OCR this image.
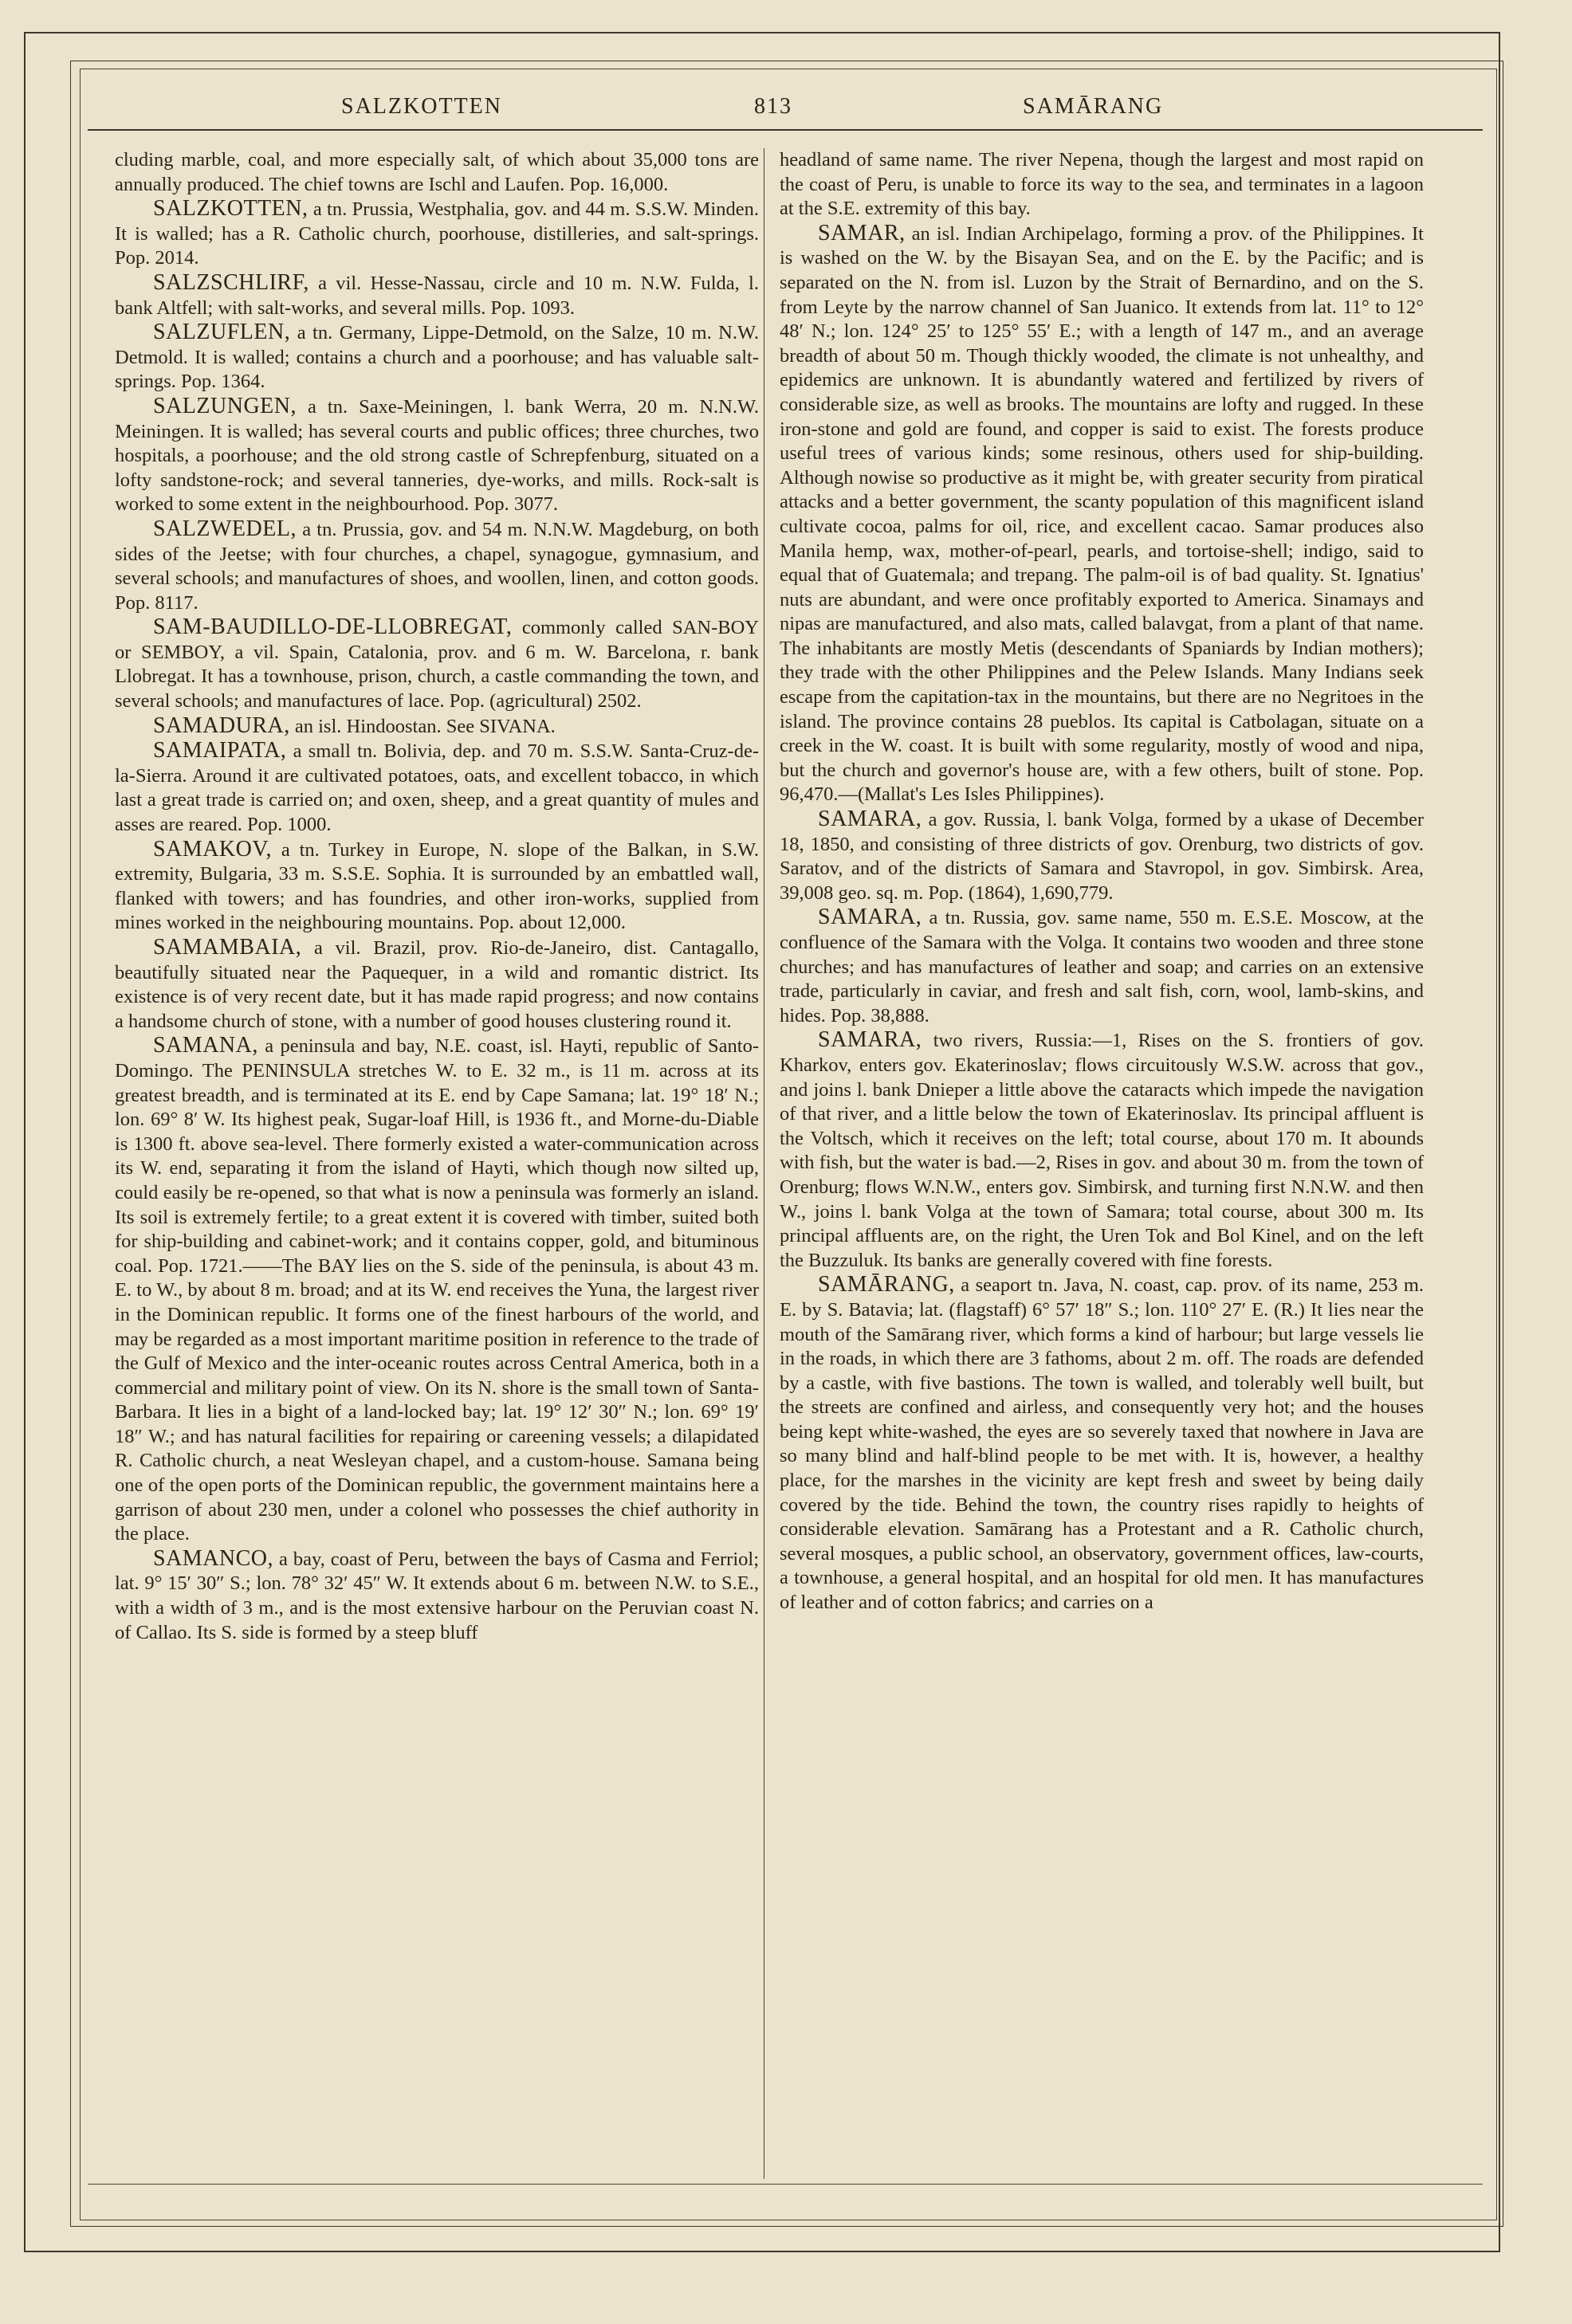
SALZKOTTEN	813	SAMĀRANG

cluding marble, coal, and more especially salt, of which about 35,000 tons are annually produced. The chief towns are Ischl and Laufen. Pop. 16,000.

SALZKOTTEN, a tn. Prussia, Westphalia, gov. and 44 m. S.S.W. Minden. It is walled; has a R. Catholic church, poorhouse, distilleries, and salt-springs. Pop. 2014.

SALZSCHLIRF, a vil. Hesse-Nassau, circle and 10 m. N.W. Fulda, l. bank Altfell; with salt-works, and several mills. Pop. 1093.

SALZUFLEN, a tn. Germany, Lippe-Detmold, on the Salze, 10 m. N.W. Detmold. It is walled; contains a church and a poorhouse; and has valuable salt-springs. Pop. 1364.

SALZUNGEN, a tn. Saxe-Meiningen, l. bank Werra, 20 m. N.N.W. Meiningen. It is walled; has several courts and public offices; three churches, two hospitals, a poorhouse; and the old strong castle of Schrepfenburg, situated on a lofty sandstone-rock; and several tanneries, dye-works, and mills. Rock-salt is worked to some extent in the neighbourhood. Pop. 3077.

SALZWEDEL, a tn. Prussia, gov. and 54 m. N.N.W. Magdeburg, on both sides of the Jeetse; with four churches, a chapel, synagogue, gymnasium, and several schools; and manufactures of shoes, and woollen, linen, and cotton goods. Pop. 8117.

SAM-BAUDILLO-DE-LLOBREGAT, commonly called SAN-BOY or SEMBOY, a vil. Spain, Catalonia, prov. and 6 m. W. Barcelona, r. bank Llobregat. It has a townhouse, prison, church, a castle commanding the town, and several schools; and manufactures of lace. Pop. (agricultural) 2502.

SAMADURA, an isl. Hindoostan. See SIVANA.

SAMAIPATA, a small tn. Bolivia, dep. and 70 m. S.S.W. Santa-Cruz-de-la-Sierra. Around it are cultivated potatoes, oats, and excellent tobacco, in which last a great trade is carried on; and oxen, sheep, and a great quantity of mules and asses are reared. Pop. 1000.

SAMAKOV, a tn. Turkey in Europe, N. slope of the Balkan, in S.W. extremity, Bulgaria, 33 m. S.S.E. Sophia. It is surrounded by an embattled wall, flanked with towers; and has foundries, and other iron-works, supplied from mines worked in the neighbouring mountains. Pop. about 12,000.

SAMAMBAIA, a vil. Brazil, prov. Rio-de-Janeiro, dist. Cantagallo, beautifully situated near the Paquequer, in a wild and romantic district. Its existence is of very recent date, but it has made rapid progress; and now contains a handsome church of stone, with a number of good houses clustering round it.

SAMANA, a peninsula and bay, N.E. coast, isl. Hayti, republic of Santo-Domingo. The PENINSULA stretches W. to E. 32 m., is 11 m. across at its greatest breadth, and is terminated at its E. end by Cape Samana; lat. 19° 18′ N.; lon. 69° 8′ W. Its highest peak, Sugar-loaf Hill, is 1936 ft., and Morne-du-Diable is 1300 ft. above sea-level. There formerly existed a water-communication across its W. end, separating it from the island of Hayti, which though now silted up, could easily be re-opened, so that what is now a peninsula was formerly an island. Its soil is extremely fertile; to a great extent it is covered with timber, suited both for ship-building and cabinet-work; and it contains copper, gold, and bituminous coal. Pop. 1721.——The BAY lies on the S. side of the peninsula, is about 43 m. E. to W., by about 8 m. broad; and at its W. end receives the Yuna, the largest river in the Dominican republic. It forms one of the finest harbours of the world, and may be regarded as a most important maritime position in reference to the trade of the Gulf of Mexico and the inter-oceanic routes across Central America, both in a commercial and military point of view. On its N. shore is the small town of Santa-Barbara. It lies in a bight of a land-locked bay; lat. 19° 12′ 30″ N.; lon. 69° 19′ 18″ W.; and has natural facilities for repairing or careening vessels; a dilapidated R. Catholic church, a neat Wesleyan chapel, and a custom-house. Samana being one of the open ports of the Dominican republic, the government maintains here a garrison of about 230 men, under a colonel who possesses the chief authority in the place.

SAMANCO, a bay, coast of Peru, between the bays of Casma and Ferriol; lat. 9° 15′ 30″ S.; lon. 78° 32′ 45″ W. It extends about 6 m. between N.W. to S.E., with a width of 3 m., and is the most extensive harbour on the Peruvian coast N. of Callao. Its S. side is formed by a steep bluff

headland of same name. The river Nepena, though the largest and most rapid on the coast of Peru, is unable to force its way to the sea, and terminates in a lagoon at the S.E. extremity of this bay.

SAMAR, an isl. Indian Archipelago, forming a prov. of the Philippines. It is washed on the W. by the Bisayan Sea, and on the E. by the Pacific; and is separated on the N. from isl. Luzon by the Strait of Bernardino, and on the S. from Leyte by the narrow channel of San Juanico. It extends from lat. 11° to 12° 48′ N.; lon. 124° 25′ to 125° 55′ E.; with a length of 147 m., and an average breadth of about 50 m. Though thickly wooded, the climate is not unhealthy, and epidemics are unknown. It is abundantly watered and fertilized by rivers of considerable size, as well as brooks. The mountains are lofty and rugged. In these iron-stone and gold are found, and copper is said to exist. The forests produce useful trees of various kinds; some resinous, others used for ship-building. Although nowise so productive as it might be, with greater security from piratical attacks and a better government, the scanty population of this magnificent island cultivate cocoa, palms for oil, rice, and excellent cacao. Samar produces also Manila hemp, wax, mother-of-pearl, pearls, and tortoise-shell; indigo, said to equal that of Guatemala; and trepang. The palm-oil is of bad quality. St. Ignatius' nuts are abundant, and were once profitably exported to America. Sinamays and nipas are manufactured, and also mats, called balavgat, from a plant of that name. The inhabitants are mostly Metis (descendants of Spaniards by Indian mothers); they trade with the other Philippines and the Pelew Islands. Many Indians seek escape from the capitation-tax in the mountains, but there are no Negritoes in the island. The province contains 28 pueblos. Its capital is Catbolagan, situate on a creek in the W. coast. It is built with some regularity, mostly of wood and nipa, but the church and governor's house are, with a few others, built of stone. Pop. 96,470.—(Mallat's Les Isles Philippines).

SAMARA, a gov. Russia, l. bank Volga, formed by a ukase of December 18, 1850, and consisting of three districts of gov. Orenburg, two districts of gov. Saratov, and of the districts of Samara and Stavropol, in gov. Simbirsk. Area, 39,008 geo. sq. m. Pop. (1864), 1,690,779.

SAMARA, a tn. Russia, gov. same name, 550 m. E.S.E. Moscow, at the confluence of the Samara with the Volga. It contains two wooden and three stone churches; and has manufactures of leather and soap; and carries on an extensive trade, particularly in caviar, and fresh and salt fish, corn, wool, lamb-skins, and hides. Pop. 38,888.

SAMARA, two rivers, Russia:—1, Rises on the S. frontiers of gov. Kharkov, enters gov. Ekaterinoslav; flows circuitously W.S.W. across that gov., and joins l. bank Dnieper a little above the cataracts which impede the navigation of that river, and a little below the town of Ekaterinoslav. Its principal affluent is the Voltsch, which it receives on the left; total course, about 170 m. It abounds with fish, but the water is bad.—2, Rises in gov. and about 30 m. from the town of Orenburg; flows W.N.W., enters gov. Simbirsk, and turning first N.N.W. and then W., joins l. bank Volga at the town of Samara; total course, about 300 m. Its principal affluents are, on the right, the Uren Tok and Bol Kinel, and on the left the Buzzuluk. Its banks are generally covered with fine forests.

SAMĀRANG, a seaport tn. Java, N. coast, cap. prov. of its name, 253 m. E. by S. Batavia; lat. (flagstaff) 6° 57′ 18″ S.; lon. 110° 27′ E. (R.) It lies near the mouth of the Samārang river, which forms a kind of harbour; but large vessels lie in the roads, in which there are 3 fathoms, about 2 m. off. The roads are defended by a castle, with five bastions. The town is walled, and tolerably well built, but the streets are confined and airless, and consequently very hot; and the houses being kept white-washed, the eyes are so severely taxed that nowhere in Java are so many blind and half-blind people to be met with. It is, however, a healthy place, for the marshes in the vicinity are kept fresh and sweet by being daily covered by the tide. Behind the town, the country rises rapidly to heights of considerable elevation. Samārang has a Protestant and a R. Catholic church, several mosques, a public school, an observatory, government offices, law-courts, a townhouse, a general hospital, and an hospital for old men. It has manufactures of leather and of cotton fabrics; and carries on a
